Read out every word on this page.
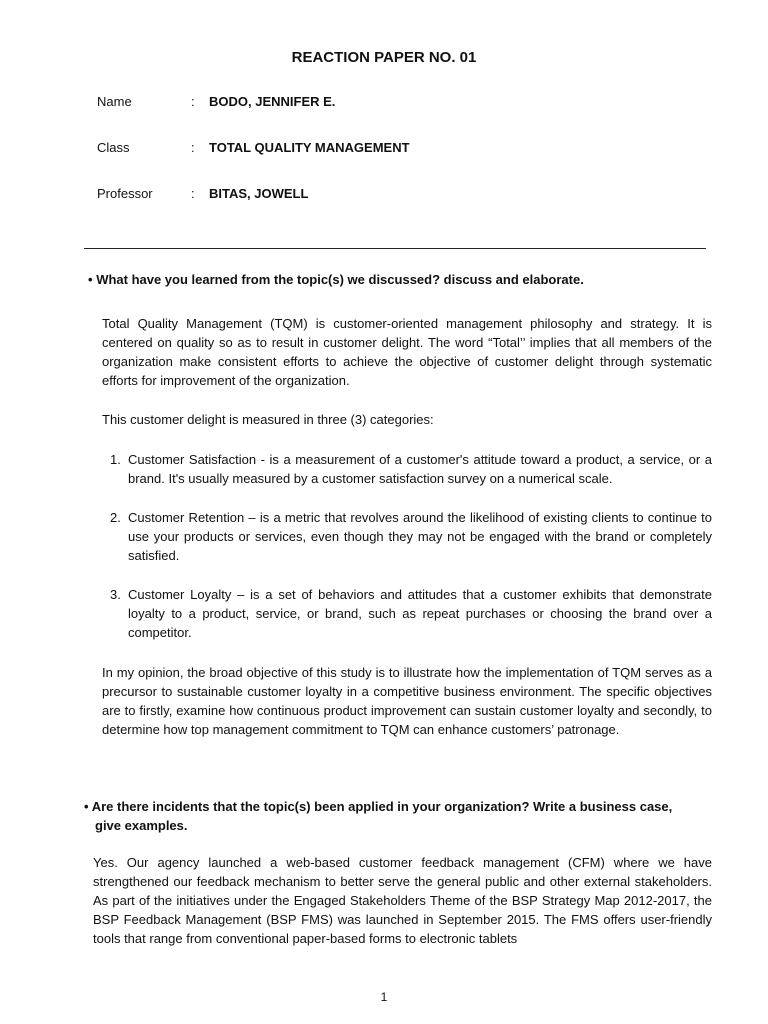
REACTION PAPER NO. 01
Name	: BODO, JENNIFER E.
Class	: TOTAL QUALITY MANAGEMENT
Professor	: BITAS, JOWELL
• What have you learned from the topic(s) we discussed? discuss and elaborate.
Total Quality Management (TQM) is customer-oriented management philosophy and strategy. It is centered on quality so as to result in customer delight. The word “Total’’ implies that all members of the organization make consistent efforts to achieve the objective of customer delight through systematic efforts for improvement of the organization.
This customer delight is measured in three (3) categories:
1. Customer Satisfaction - is a measurement of a customer's attitude toward a product, a service, or a brand. It's usually measured by a customer satisfaction survey on a numerical scale.
2. Customer Retention – is a metric that revolves around the likelihood of existing clients to continue to use your products or services, even though they may not be engaged with the brand or completely satisfied.
3. Customer Loyalty – is a set of behaviors and attitudes that a customer exhibits that demonstrate loyalty to a product, service, or brand, such as repeat purchases or choosing the brand over a competitor.
In my opinion, the broad objective of this study is to illustrate how the implementation of TQM serves as a precursor to sustainable customer loyalty in a competitive business environment. The specific objectives are to firstly, examine how continuous product improvement can sustain customer loyalty and secondly, to determine how top management commitment to TQM can enhance customers’ patronage.
• Are there incidents that the topic(s) been applied in your organization? Write a business case,
give examples.
Yes. Our agency launched a web-based customer feedback management (CFM) where we have strengthened our feedback mechanism to better serve the general public and other external stakeholders. As part of the initiatives under the Engaged Stakeholders Theme of the BSP Strategy Map 2012-2017, the BSP Feedback Management (BSP FMS) was launched in September 2015. The FMS offers user-friendly tools that range from conventional paper-based forms to electronic tablets
1
